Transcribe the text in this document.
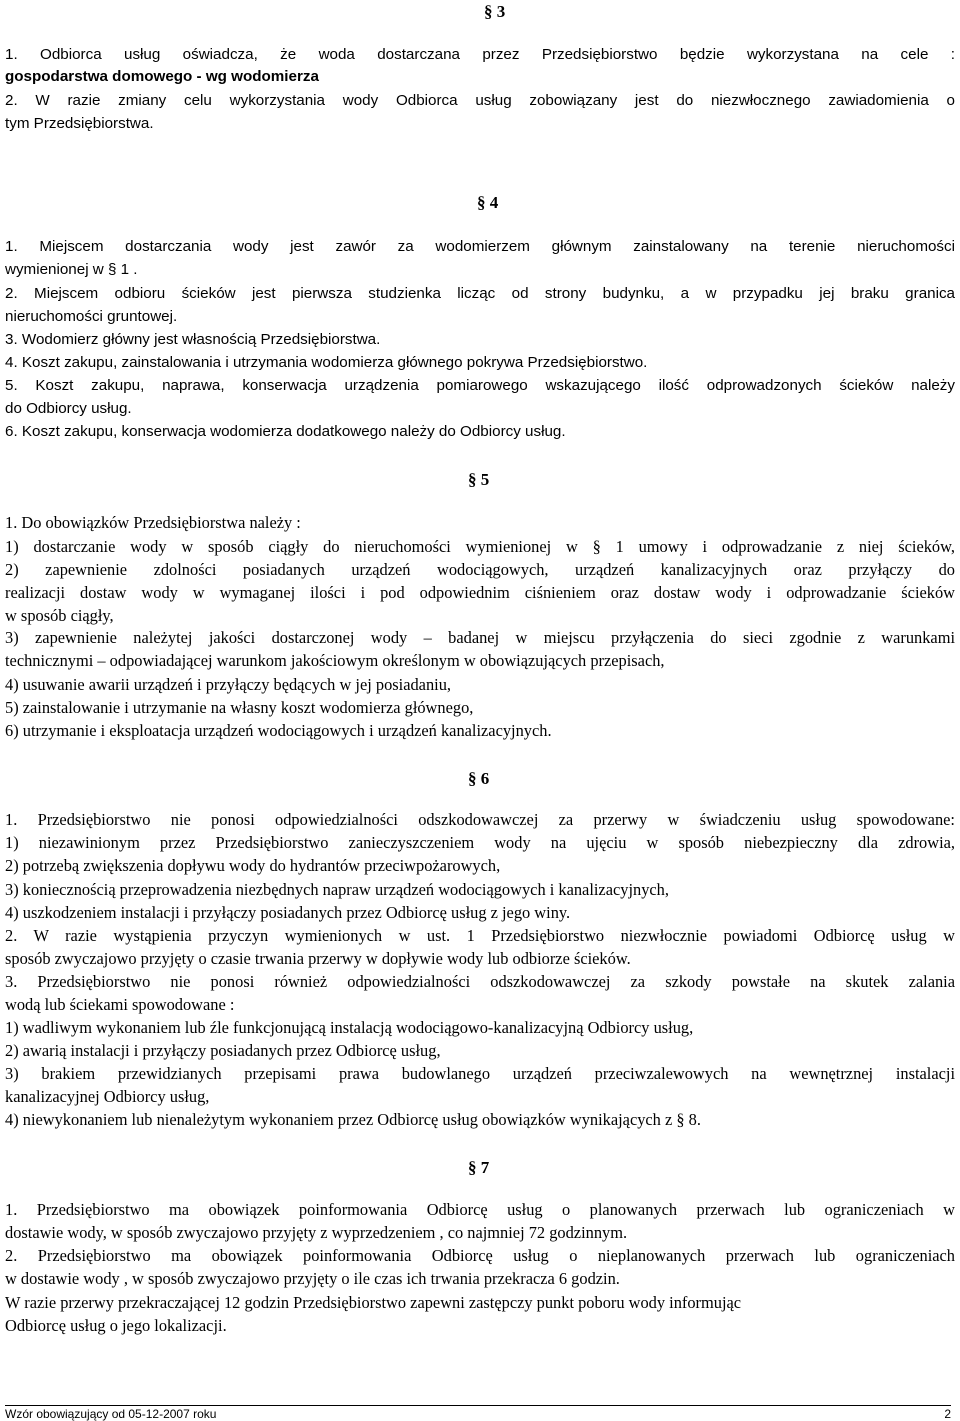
§ 3
§ 4
§ 5
§ 6
§ 7
1. Odbiorca usług oświadcza, że woda dostarczana przez Przedsiębiorstwo będzie wykorzystana na cele :
gospodarstwa domowego - wg wodomierza
2. W razie zmiany celu wykorzystania wody Odbiorca usług zobowiązany jest do niezwłocznego zawiadomienia o
tym Przedsiębiorstwa.
1. Miejscem dostarczania wody jest zawór za wodomierzem głównym zainstalowany na terenie nieruchomości
wymienionej w § 1 .
2. Miejscem odbioru ścieków jest pierwsza studzienka licząc od strony budynku, a w przypadku jej braku granica
nieruchomości gruntowej.
3. Wodomierz główny jest własnością Przedsiębiorstwa.
4. Koszt zakupu, zainstalowania i utrzymania wodomierza głównego pokrywa Przedsiębiorstwo.
5. Koszt zakupu, naprawa, konserwacja urządzenia pomiarowego wskazującego ilość odprowadzonych ścieków należy
do Odbiorcy usług.
6. Koszt zakupu, konserwacja wodomierza dodatkowego należy do Odbiorcy usług.
1. Do obowiązków Przedsiębiorstwa należy :
1) dostarczanie wody w sposób ciągły do nieruchomości wymienionej w § 1 umowy i odprowadzanie z niej ścieków,
2) zapewnienie zdolności posiadanych urządzeń wodociągowych, urządzeń kanalizacyjnych oraz przyłączy do
realizacji dostaw wody w wymaganej ilości i pod odpowiednim ciśnieniem oraz dostaw wody i odprowadzanie ścieków
w sposób ciągły,
3) zapewnienie należytej jakości dostarczonej wody – badanej w miejscu przyłączenia do sieci zgodnie z warunkami
technicznymi – odpowiadającej warunkom jakościowym określonym w obowiązujących przepisach,
4) usuwanie awarii urządzeń i przyłączy będących w jej posiadaniu,
5) zainstalowanie i utrzymanie na własny koszt wodomierza głównego,
6) utrzymanie i eksploatacja urządzeń wodociągowych i urządzeń kanalizacyjnych.
1. Przedsiębiorstwo nie ponosi odpowiedzialności odszkodowawczej za przerwy w świadczeniu usług spowodowane:
1) niezawinionym przez Przedsiębiorstwo zanieczyszczeniem wody na ujęciu w sposób niebezpieczny dla zdrowia,
2) potrzebą zwiększenia dopływu wody do hydrantów przeciwpożarowych,
3) koniecznością przeprowadzenia niezbędnych napraw urządzeń wodociągowych i kanalizacyjnych,
4) uszkodzeniem instalacji i przyłączy posiadanych przez Odbiorcę usług z jego winy.
2. W razie wystąpienia przyczyn wymienionych w ust. 1 Przedsiębiorstwo niezwłocznie powiadomi Odbiorcę usług w
sposób zwyczajowo przyjęty o czasie trwania przerwy w dopływie wody lub odbiorze ścieków.
3. Przedsiębiorstwo nie ponosi również odpowiedzialności odszkodowawczej za szkody powstałe na skutek zalania
wodą lub ściekami spowodowane :
1) wadliwym wykonaniem lub źle funkcjonującą instalacją wodociągowo-kanalizacyjną Odbiorcy usług,
2) awarią instalacji i przyłączy posiadanych przez Odbiorcę usług,
3) brakiem przewidzianych przepisami prawa budowlanego urządzeń przeciwzalewowych na wewnętrznej instalacji
kanalizacyjnej Odbiorcy usług,
4) niewykonaniem lub nienależytym wykonaniem przez Odbiorcę usług obowiązków wynikających z § 8.
1. Przedsiębiorstwo ma obowiązek poinformowania Odbiorcę usług o planowanych przerwach lub ograniczeniach w
dostawie wody, w sposób zwyczajowo przyjęty z wyprzedzeniem , co najmniej 72 godzinnym.
2. Przedsiębiorstwo ma obowiązek poinformowania Odbiorcę usług o nieplanowanych przerwach lub ograniczeniach
w dostawie wody , w sposób zwyczajowo przyjęty o ile czas ich trwania przekracza 6 godzin.
W razie przerwy przekraczającej 12 godzin Przedsiębiorstwo zapewni zastępczy punkt poboru wody informując
Odbiorcę usług o jego lokalizacji.
Wzór obowiązujący od 05-12-2007 roku	2
